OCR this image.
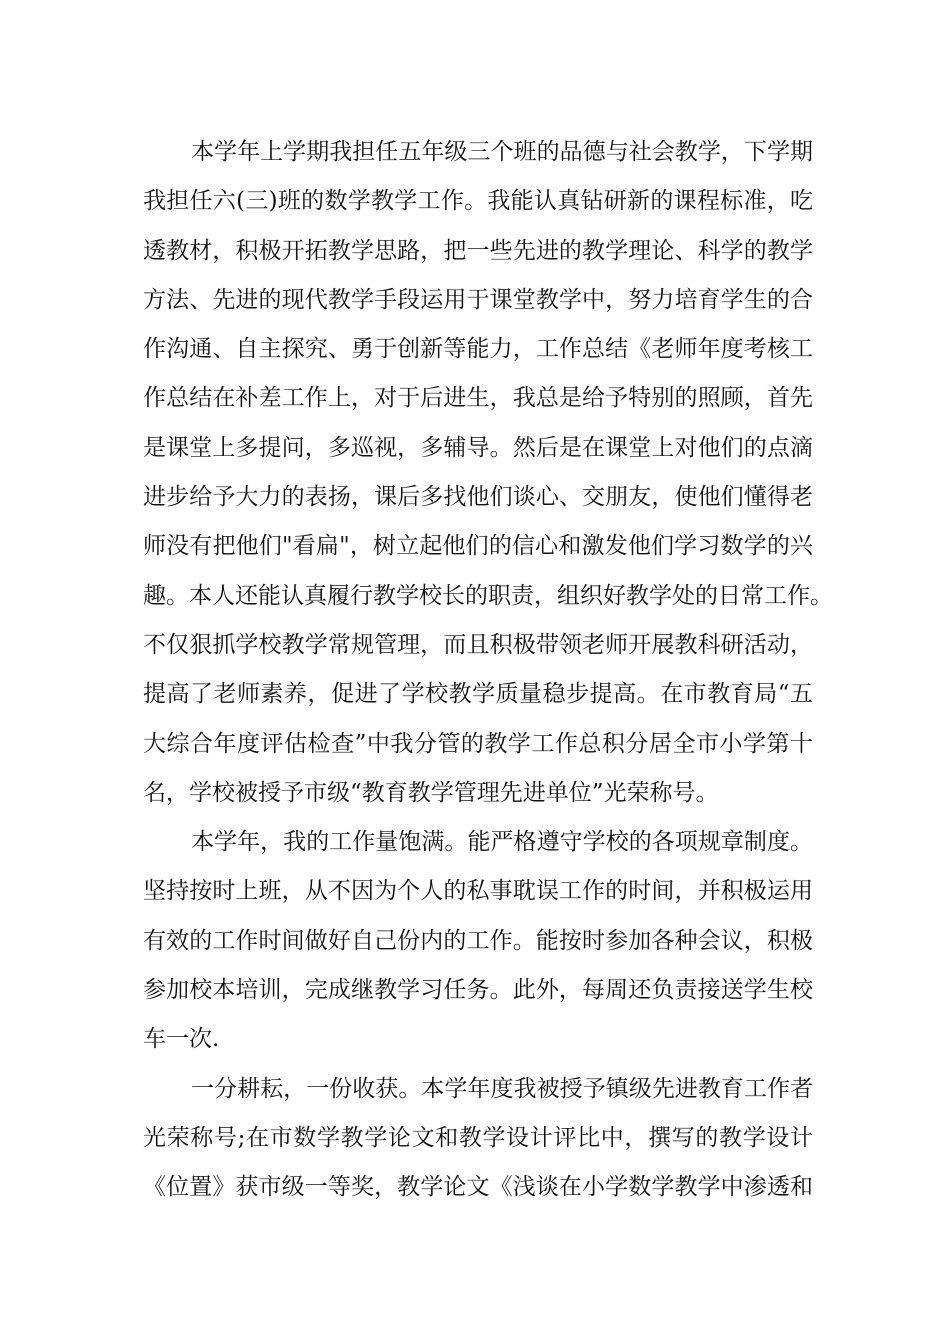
本学年上学期我担任五年级三个班的品德与社会教学，下学期
我担任六(三)班的数学教学工作。我能认真钻研新的课程标准，吃
透教材，积极开拓教学思路，把一些先进的教学理论、科学的教学
方法、先进的现代教学手段运用于课堂教学中，努力培育学生的合
作沟通、自主探究、勇于创新等能力，工作总结《老师年度考核工
作总结在补差工作上，对于后进生，我总是给予特别的照顾，首先
是课堂上多提问，多巡视，多辅导。然后是在课堂上对他们的点滴
进步给予大力的表扬，课后多找他们谈心、交朋友，使他们懂得老
师没有把他们"看扁"，树立起他们的信心和激发他们学习数学的兴
趣。本人还能认真履行教学校长的职责，组织好教学处的日常工作。
不仅狠抓学校教学常规管理，而且积极带领老师开展教科研活动，
提高了老师素养，促进了学校教学质量稳步提高。在市教育局“五
大综合年度评估检查”中我分管的教学工作总积分居全市小学第十
名，学校被授予市级“教育教学管理先进单位”光荣称号。
本学年，我的工作量饱满。能严格遵守学校的各项规章制度。
坚持按时上班，从不因为个人的私事耽误工作的时间，并积极运用
有效的工作时间做好自己份内的工作。能按时参加各种会议，积极
参加校本培训，完成继教学习任务。此外，每周还负责接送学生校
车一次.
一分耕耘，一份收获。本学年度我被授予镇级先进教育工作者
光荣称号;在市数学教学论文和教学设计评比中，撰写的教学设计
《位置》获市级一等奖，教学论文《浅谈在小学数学教学中渗透和
